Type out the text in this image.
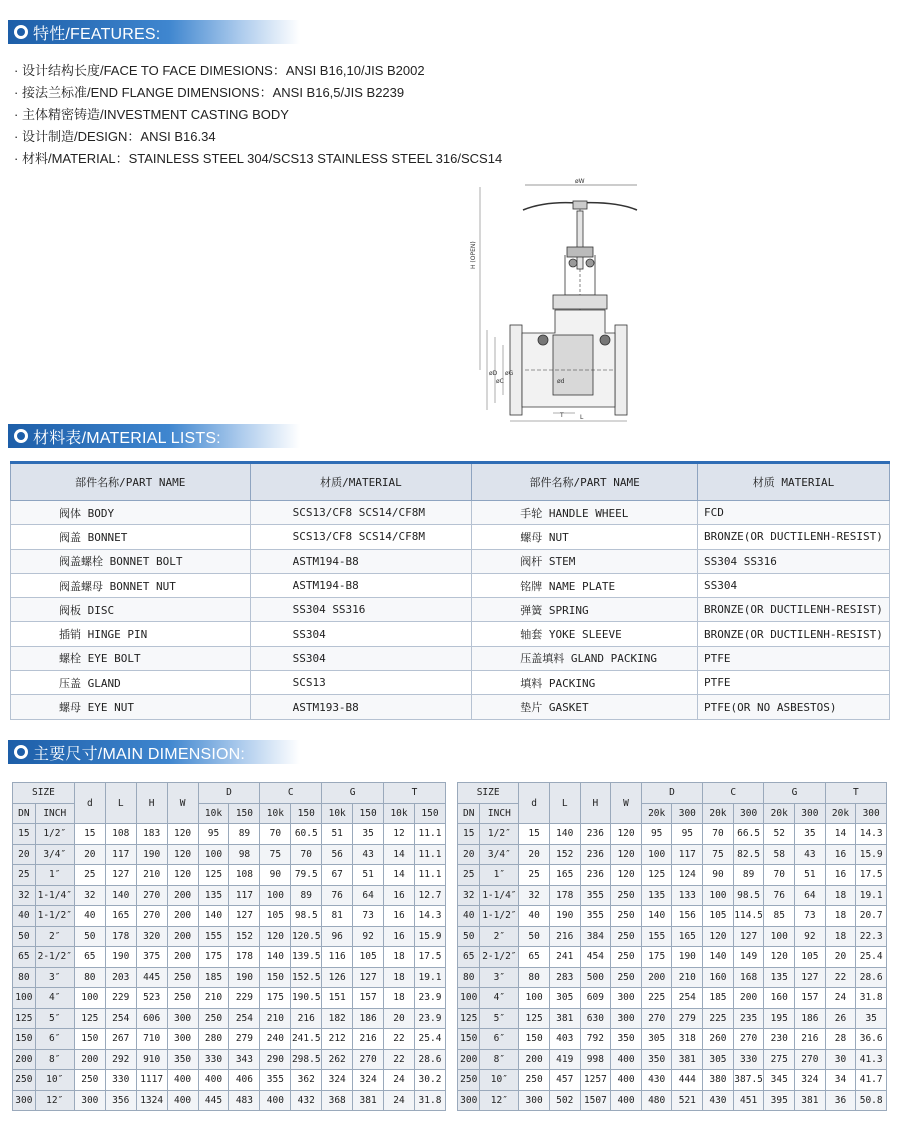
特性/FEATURES:
· 设计结构长度/FACE TO FACE DIMESIONS：ANSI B16,10/JIS B2002
· 接法兰标准/END FLANGE DIMENSIONS：ANSI B16,5/JIS B2239
· 主体精密铸造/INVESTMENT CASTING BODY
· 设计制造/DESIGN：ANSI B16.34
· 材料/MATERIAL：STAINLESS STEEL 304/SCS13 STAINLESS STEEL 316/SCS14
øW
H (OPEN)
øD
øC
øG
ød
T	L
材料表/MATERIAL LISTS:
部件名称/PART NAME	材质/MATERIAL	部件名称/PART NAME	材质 MATERIAL
阀体 BODY	SCS13/CF8 SCS14/CF8M	手轮 HANDLE WHEEL	FCD
阀盖 BONNET	SCS13/CF8 SCS14/CF8M	螺母 NUT	BRONZE(OR DUCTILENH-RESIST)
阀盖螺栓 BONNET BOLT	ASTM194-B8	阀杆 STEM	SS304 SS316
阀盖螺母 BONNET NUT	ASTM194-B8	铭牌 NAME PLATE	SS304
阀板 DISC	SS304 SS316	弹簧 SPRING	BRONZE(OR DUCTILENH-RESIST)
插销 HINGE PIN	SS304	轴套 YOKE SLEEVE	BRONZE(OR DUCTILENH-RESIST)
螺栓 EYE BOLT	SS304	压盖填料 GLAND PACKING	PTFE
压盖 GLAND	SCS13	填料 PACKING	PTFE
螺母 EYE NUT	ASTM193-B8	垫片 GASKET	PTFE(OR NO ASBESTOS)
主要尺寸/MAIN DIMENSION:
SIZE		d	L	H	W	D		C		G		T	
DN	INCH					10k	150	10k	150	10k	150	10k	150
15	1/2″	15	108	183	120	95	89	70	60.5	51	35	12	11.1
20	3/4″	20	117	190	120	100	98	75	70	56	43	14	11.1
25	1″	25	127	210	120	125	108	90	79.5	67	51	14	11.1
32	1-1/4″	32	140	270	200	135	117	100	89	76	64	16	12.7
40	1-1/2″	40	165	270	200	140	127	105	98.5	81	73	16	14.3
50	2″	50	178	320	200	155	152	120	120.5	96	92	16	15.9
65	2-1/2″	65	190	375	200	175	178	140	139.5	116	105	18	17.5
80	3″	80	203	445	250	185	190	150	152.5	126	127	18	19.1
100	4″	100	229	523	250	210	229	175	190.5	151	157	18	23.9
125	5″	125	254	606	300	250	254	210	216	182	186	20	23.9
150	6″	150	267	710	300	280	279	240	241.5	212	216	22	25.4
200	8″	200	292	910	350	330	343	290	298.5	262	270	22	28.6
250	10″	250	330	1117	400	400	406	355	362	324	324	24	30.2
300	12″	300	356	1324	400	445	483	400	432	368	381	24	31.8
SIZE		d	L	H	W	D		C		G		T	
DN	INCH					20k	300	20k	300	20k	300	20k	300
15	1/2″	15	140	236	120	95	95	70	66.5	52	35	14	14.3
20	3/4″	20	152	236	120	100	117	75	82.5	58	43	16	15.9
25	1″	25	165	236	120	125	124	90	89	70	51	16	17.5
32	1-1/4″	32	178	355	250	135	133	100	98.5	76	64	18	19.1
40	1-1/2″	40	190	355	250	140	156	105	114.5	85	73	18	20.7
50	2″	50	216	384	250	155	165	120	127	100	92	18	22.3
65	2-1/2″	65	241	454	250	175	190	140	149	120	105	20	25.4
80	3″	80	283	500	250	200	210	160	168	135	127	22	28.6
100	4″	100	305	609	300	225	254	185	200	160	157	24	31.8
125	5″	125	381	630	300	270	279	225	235	195	186	26	35
150	6″	150	403	792	350	305	318	260	270	230	216	28	36.6
200	8″	200	419	998	400	350	381	305	330	275	270	30	41.3
250	10″	250	457	1257	400	430	444	380	387.5	345	324	34	41.7
300	12″	300	502	1507	400	480	521	430	451	395	381	36	50.8
